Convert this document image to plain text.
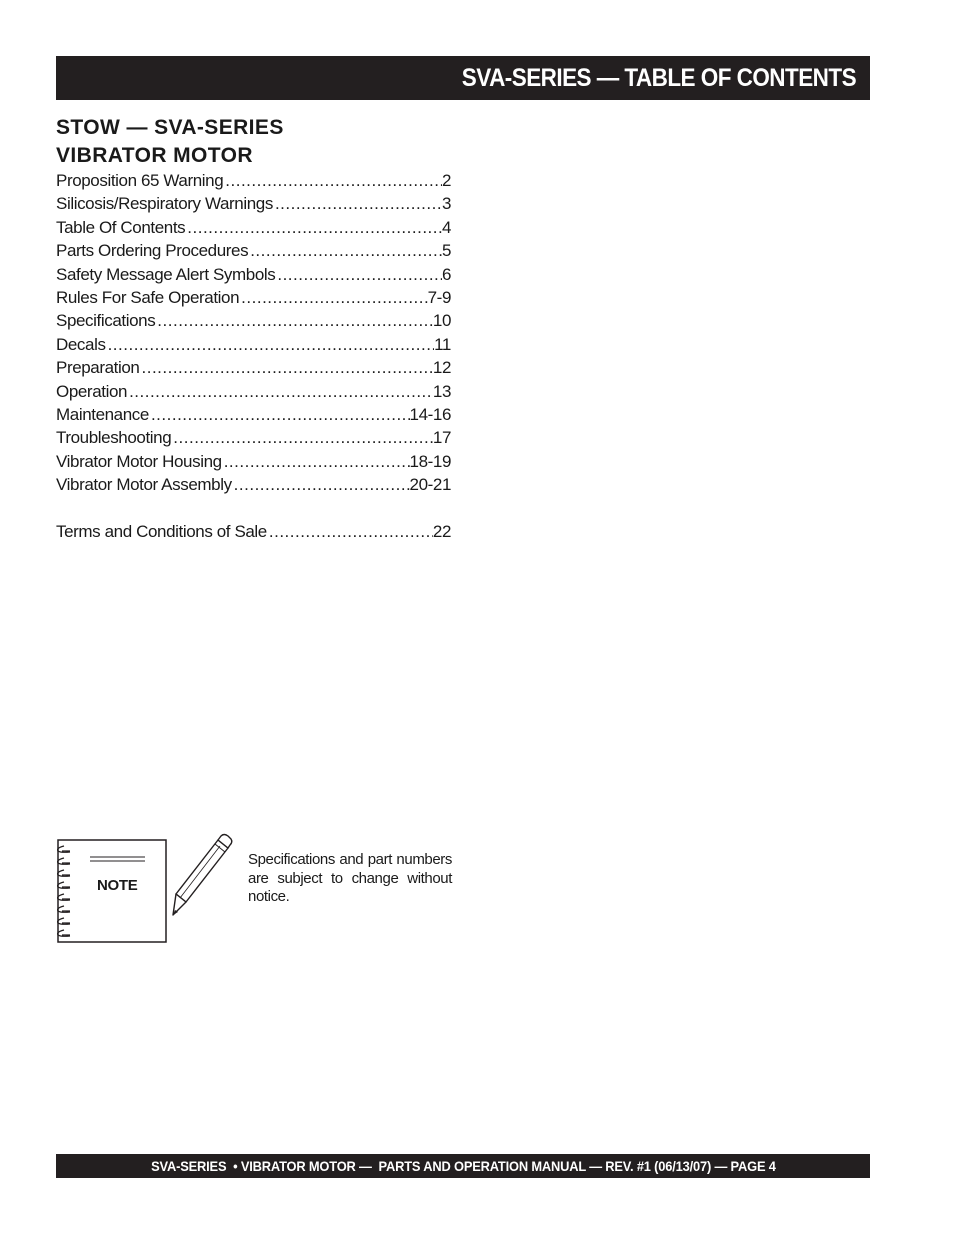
SVA-SERIES — TABLE OF CONTENTS
STOW — SVA-SERIES
VIBRATOR MOTOR
Proposition 65 Warning .....	2
Silicosis/Respiratory Warnings .....	3
Table Of Contents .....	4
Parts Ordering Procedures .....	5
Safety Message Alert Symbols .....	6
Rules For Safe Operation .....	7-9
Specifications .....	10
Decals .....	11
Preparation .....	12
Operation .....	13
Maintenance .....	14-16
Troubleshooting .....	17
Vibrator Motor Housing .....	18-19
Vibrator Motor Assembly .....	20-21
Terms and Conditions of Sale .....	22
NOTE
Specifications and part numbers are subject to change without notice.
SVA-SERIES  • VIBRATOR MOTOR —  PARTS AND OPERATION MANUAL — REV. #1 (06/13/07) — PAGE 4
